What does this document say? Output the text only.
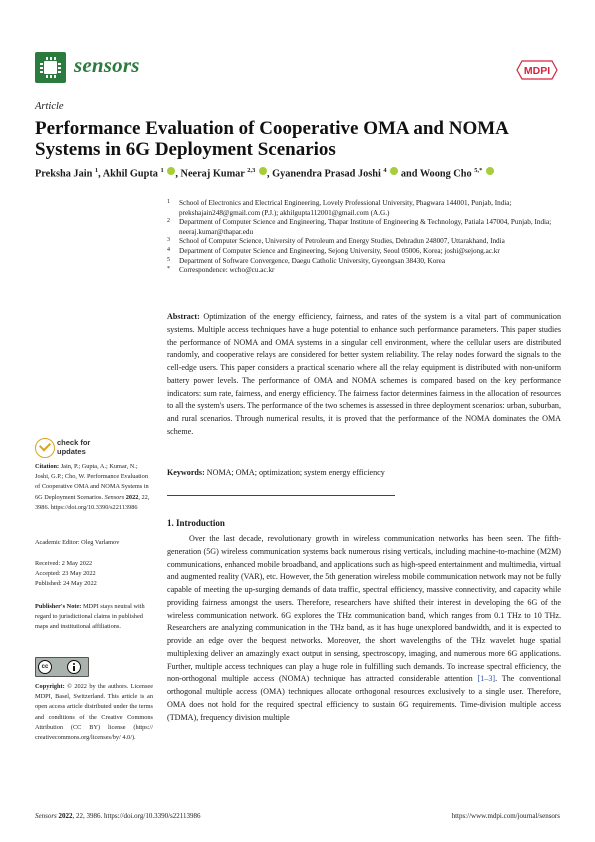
sensors	MDPI
Article
Performance Evaluation of Cooperative OMA and NOMA Systems in 6G Deployment Scenarios
Preksha Jain $^1$, Akhil Gupta $^1$ , Neeraj Kumar $^{2,3}$ , Gyanendra Prasad Joshi $^4$ and Woong Cho $^{5,*}$
1 School of Electronics and Electrical Engineering, Lovely Professional University, Phagwara 144001, Punjab, India; prekshajain248@gmail.com (P.J.); akhilgupta112001@gmail.com (A.G.)
2 Department of Computer Science and Engineering, Thapar Institute of Engineering & Technology, Patiala 147004, Punjab, India; neeraj.kumar@thapar.edu
3 School of Computer Science, University of Petroleum and Energy Studies, Dehradun 248007, Uttarakhand, India
4 Department of Computer Science and Engineering, Sejong University, Seoul 05006, Korea; joshi@sejong.ac.kr
5 Department of Software Convergence, Daegu Catholic University, Gyeongsan 38430, Korea
* Correspondence: wcho@cu.ac.kr
Abstract: Optimization of the energy efficiency, fairness, and rates of the system is a vital part of communication systems. Multiple access techniques have a huge potential to enhance such performance parameters. This paper studies the performance of NOMA and OMA systems in a singular cell environment, where the cellular users are distributed randomly, and cooperative relays are considered for better system reliability. The relay nodes forward the signals to the cell-edge users. This paper considers a practical scenario where all the relay equipment is distributed with non-uniform battery power levels. The performance of OMA and NOMA schemes is compared based on the key performance indicators: sum rate, fairness, and energy efficiency. The fairness factor determines fairness in the allocation of resources to all the system's users. The performance of the two schemes is assessed in three deployment scenarios: urban, suburban, and rural scenarios. Through numerical results, it is proved that the performance of the NOMA dominates the OMA scheme.
Keywords: NOMA; OMA; optimization; system energy efficiency
check for
updates
Citation: Jain, P.; Gupta, A.; Kumar, N.; Joshi, G.P.; Cho, W. Performance Evaluation of Cooperative OMA and NOMA Systems in 6G Deployment Scenarios. Sensors 2022, 22, 3986. https://doi.org/10.3390/s22113986
Academic Editor: Oleg Varlamov
Received: 2 May 2022
Accepted: 23 May 2022
Published: 24 May 2022
Publisher's Note: MDPI stays neutral with regard to jurisdictional claims in published maps and institutional affiliations.
cc
Copyright: © 2022 by the authors. Licensee MDPI, Basel, Switzerland. This article is an open access article distributed under the terms and conditions of the Creative Commons Attribution (CC BY) license (https:// creativecommons.org/licenses/by/ 4.0/).
1. Introduction
Over the last decade, revolutionary growth in wireless communication networks has been seen. The fifth-generation (5G) wireless communication systems back numerous rising verticals, including machine-to-machine (M2M) communications, enhanced mobile broadband, and applications such as high-speed entertainment and multimedia, virtual and augmented reality (VAR), etc. However, the 5th generation wireless mobile communication network may not be fully capable of meeting the up-surging demands of data traffic, spectral efficiency, massive connectivity, and capacity while providing fairness amongst the users. Therefore, researchers have shifted their interest in developing the 6G of the wireless communication network. 6G explores the THz communication band, which ranges from 0.1 THz to 10 THz. Researchers are analyzing communication in the THz band, as it has huge unexplored bandwidth, and it is expected to provide an edge over the bequest networks. Moreover, the short wavelengths of the THz wavelet huge spatial multiplexing deliver an amazingly exact output in sensing, spectroscopy, imaging, and numerous more 6G applications. Further, multiple access techniques can play a huge role in fulfilling such demands. To increase spectral efficiency, the non-orthogonal multiple access (NOMA) technique has attracted considerable attention [1–3]. The conventional orthogonal multiple access (OMA) techniques allocate orthogonal resources exclusively to a single user. Therefore, OMA does not hold for the required spectral efficiency to sustain 6G requirements. Time-division multiple access (TDMA), frequency division multiple
Sensors 2022, 22, 3986. https://doi.org/10.3390/s22113986	https://www.mdpi.com/journal/sensors
